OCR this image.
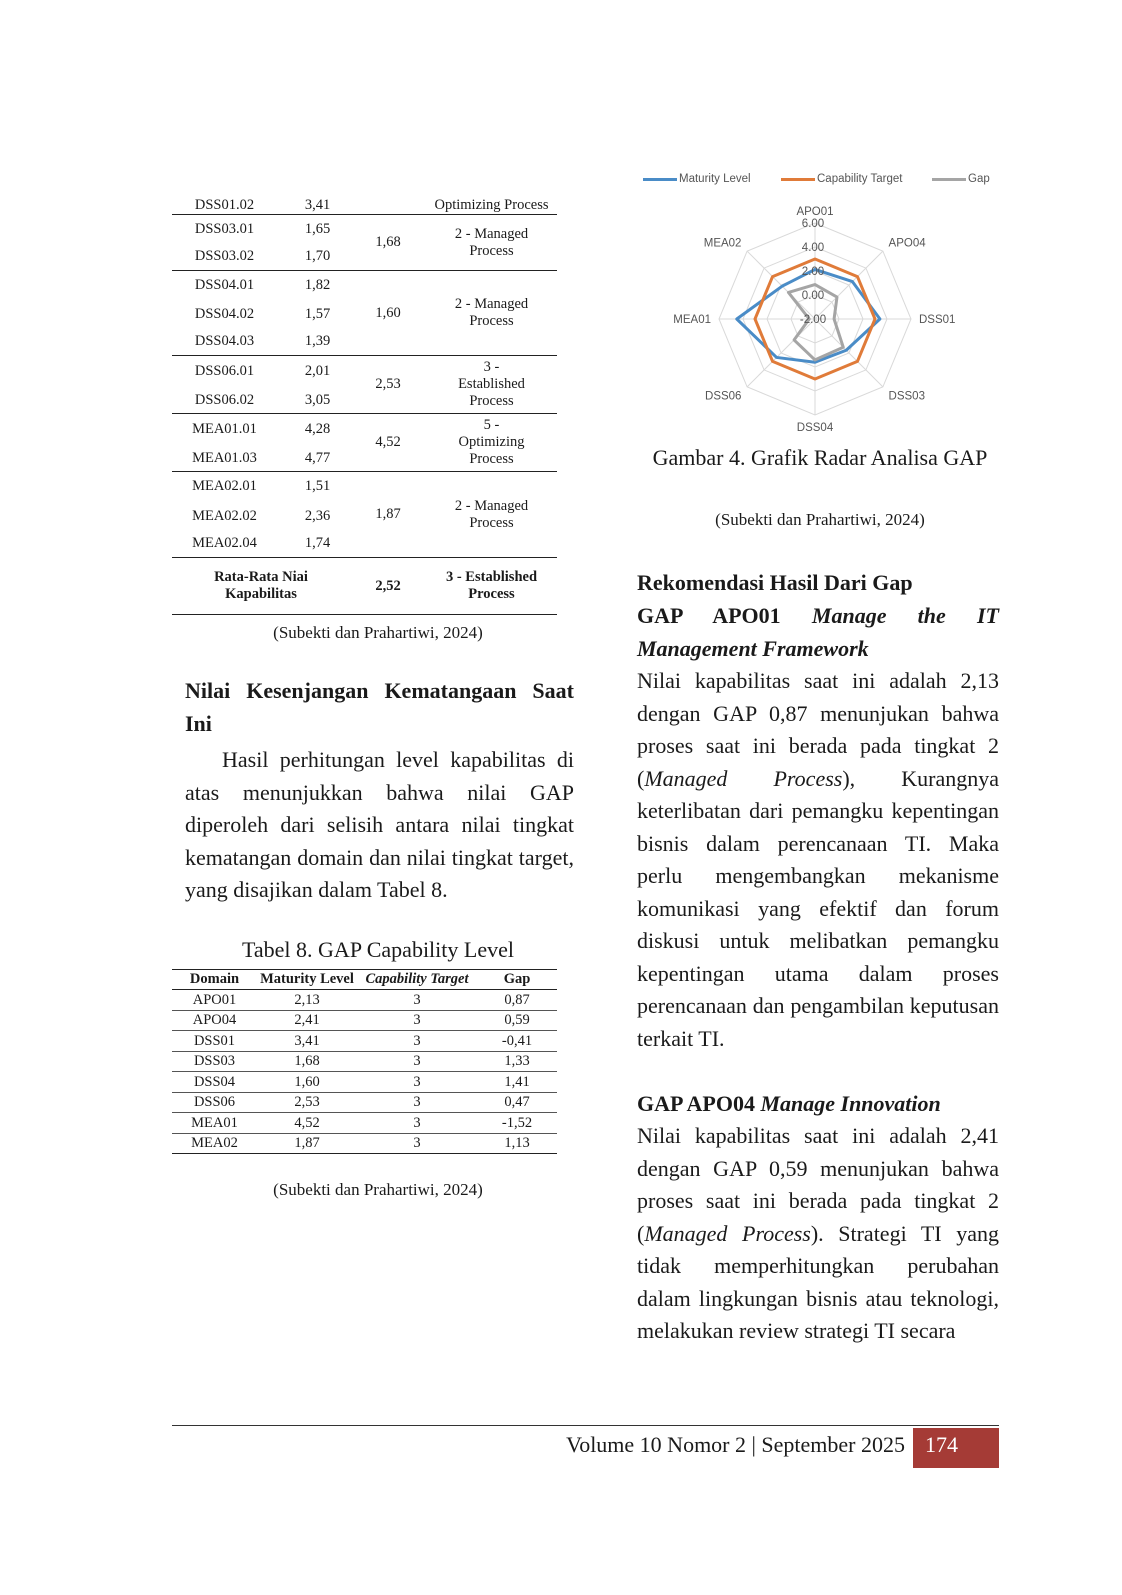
DSS01.02	3,41		Optimizing Process
DSS03.01	1,65	1,68	2 - Managed Process
DSS03.02	1,70		
DSS04.01	1,82	1,60	2 - Managed Process
DSS04.02	1,57		
DSS04.03	1,39		
DSS06.01	2,01	2,53	3 - Established Process
DSS06.02	3,05		
MEA01.01	4,28	4,52	5 - Optimizing Process
MEA01.03	4,77		
MEA02.01	1,51	1,87	2 - Managed Process
MEA02.02	2,36		
MEA02.04	1,74		
Rata-Rata Niai Kapabilitas		2,52	3 - Established Process
(Subekti dan Prahartiwi, 2024)
Nilai Kesenjangan Kematangaan Saat Ini

Hasil perhitungan level kapabilitas di atas menunjukkan bahwa nilai GAP diperoleh dari selisih antara nilai tingkat kematangan domain dan nilai tingkat target, yang disajikan dalam Tabel 8.

Tabel 8. GAP Capability Level
Domain	Maturity Level	Capability Target	Gap
APO01	2,13	3	0,87
APO04	2,41	3	0,59
DSS01	3,41	3	-0,41
DSS03	1,68	3	1,33
DSS04	1,60	3	1,41
DSS06	2,53	3	0,47
MEA01	4,52	3	-1,52
MEA02	1,87	3	1,13
(Subekti dan Prahartiwi, 2024)
Maturity Level	Capability Target	Gap
-2.00
0.00
2.00
4.00
6.00
APO01
APO04
DSS01
DSS03
DSS04
DSS06
MEA01
MEA02
Gambar 4. Grafik Radar Analisa GAP
(Subekti dan Prahartiwi, 2024)
Rekomendasi Hasil Dari Gap
GAP APO01 Manage the IT Management Framework

Nilai kapabilitas saat ini adalah 2,13 dengan GAP 0,87 menunjukan bahwa proses saat ini berada pada tingkat 2 (Managed Process), Kurangnya keterlibatan dari pemangku kepentingan bisnis dalam perencanaan TI. Maka perlu mengembangkan mekanisme komunikasi yang efektif dan forum diskusi untuk melibatkan pemangku kepentingan utama dalam proses perencanaan dan pengambilan keputusan terkait TI.

GAP APO04 Manage Innovation

Nilai kapabilitas saat ini adalah 2,41 dengan GAP 0,59 menunjukan bahwa proses saat ini berada pada tingkat 2 (Managed Process). Strategi TI yang tidak memperhitungkan perubahan dalam lingkungan bisnis atau teknologi, melakukan review strategi TI secara

Volume 10 Nomor 2 | September 2025 174
